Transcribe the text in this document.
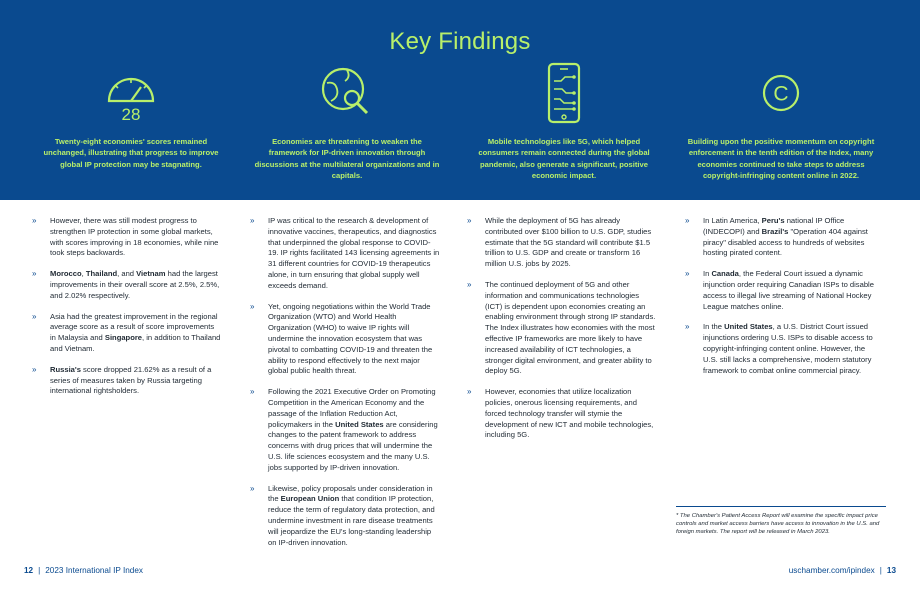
Key Findings
28

Twenty-eight economies' scores remained unchanged, illustrating that progress to improve global IP protection may be stagnating.

Economies are threatening to weaken the framework for IP-driven innovation through discussions at the multilateral organizations and in capitals.

Mobile technologies like 5G, which helped consumers remain connected during the global pandemic, also generate a significant, positive economic impact.

C

Building upon the positive momentum on copyright enforcement in the tenth edition of the Index, many economies continued to take steps to address copyright-infringing content online in 2022.

» However, there was still modest progress to strengthen IP protection in some global markets, with scores improving in 18 economies, while nine took steps backwards.

» Morocco, Thailand, and Vietnam had the largest improvements in their overall score at 2.5%, 2.5%, and 2.02% respectively.

» Asia had the greatest improvement in the regional average score as a result of score improvements in Malaysia and Singapore, in addition to Thailand and Vietnam.

» Russia's score dropped 21.62% as a result of a series of measures taken by Russia targeting international rightsholders.

» IP was critical to the research & development of innovative vaccines, therapeutics, and diagnostics that underpinned the global response to COVID-19. IP rights facilitated 143 licensing agreements in 31 different countries for COVID-19 therapeutics alone, in turn ensuring that global supply well exceeds demand.

» Yet, ongoing negotiations within the World Trade Organization (WTO) and World Health Organization (WHO) to waive IP rights will undermine the innovation ecosystem that was pivotal to combatting COVID-19 and threaten the ability to respond effectively to the next major global public health threat.

» Following the 2021 Executive Order on Promoting Competition in the American Economy and the passage of the Inflation Reduction Act, policymakers in the United States are considering changes to the patent framework to address concerns with drug prices that will undermine the U.S. life sciences ecosystem and the many U.S. jobs supported by IP-driven innovation.

» Likewise, policy proposals under consideration in the European Union that condition IP protection, reduce the term of regulatory data protection, and undermine investment in rare disease treatments will jeopardize the EU's long-standing leadership on IP-driven innovation.

» While the deployment of 5G has already contributed over $100 billion to U.S. GDP, studies estimate that the 5G standard will contribute $1.5 trillion to U.S. GDP and create or transform 16 million U.S. jobs by 2025.

» The continued deployment of 5G and other information and communications technologies (ICT) is dependent upon economies creating an enabling environment through strong IP standards. The Index illustrates how economies with the most effective IP frameworks are more likely to have increased availability of ICT technologies, a stronger digital environment, and greater ability to deploy 5G.

» However, economies that utilize localization policies, onerous licensing requirements, and forced technology transfer will stymie the development of new ICT and mobile technologies, including 5G.

» In Latin America, Peru's national IP Office (INDECOPI) and Brazil's "Operation 404 against piracy" disabled access to hundreds of websites hosting pirated content.

» In Canada, the Federal Court issued a dynamic injunction order requiring Canadian ISPs to disable access to illegal live streaming of National Hockey League matches online.

» In the United States, a U.S. District Court issued injunctions ordering U.S. ISPs to disable access to copyright-infringing content online. However, the U.S. still lacks a comprehensive, modern statutory framework to combat online commercial piracy.

* The Chamber's Patient Access Report will examine the specific impact price controls and market access barriers have access to innovation in the U.S. and foreign markets. The report will be released in March 2023.

12 | 2023 International IP Index	uschamber.com/ipindex | 13
